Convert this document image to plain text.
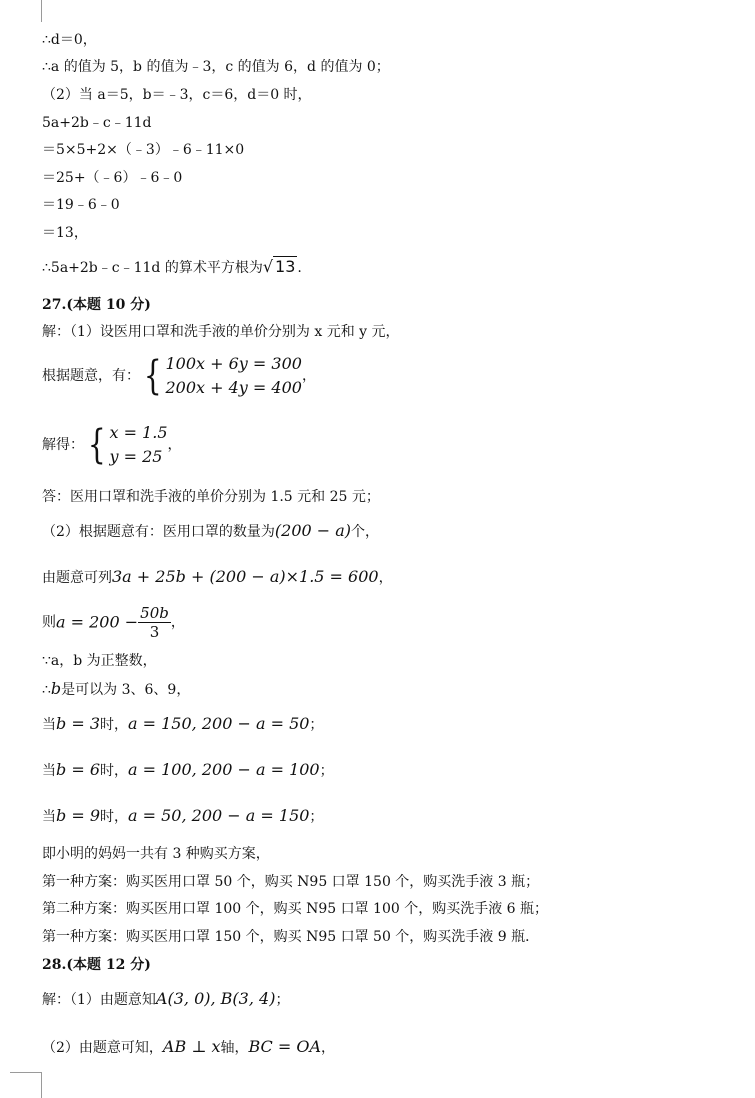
∴d＝0，
∴a 的值为 5，b 的值为﹣3，c 的值为 6，d 的值为 0；
（2）当 a＝5，b＝﹣3，c＝6，d＝0 时，
5a+2b﹣c﹣11d
＝5×5+2×（﹣3）﹣6﹣11×0
＝25+（﹣6）﹣6﹣0
＝19﹣6﹣0
＝13，
∴5a+2b﹣c﹣11d 的算术平方根为√ 13 .
27.(本题 10 分)
解：（1）设医用口罩和洗手液的单价分别为 x 元和 y 元，
根据题意，有：{ 100x + 6y = 300
200x + 4y = 400
，
解得：{ x = 1.5
y = 25
，
答：医用口罩和洗手液的单价分别为 1.5 元和 25 元；
（2）根据题意有：医用口罩的数量为(200 − a)个，
由题意可列3a + 25b + (200 − a)×1.5 = 600，
则$a = 200 - \frac{50b}{3}$ ，
∵a，b 为正整数，
∴b是可以为 3、6、9，
当b = 3时，a = 150, 200 − a = 50；
当b = 6时，a = 100, 200 − a = 100；
当b = 9时，a = 50, 200 − a = 150；
即小明的妈妈一共有 3 种购买方案，
第一种方案：购买医用口罩 50 个，购买 N95 口罩 150 个，购买洗手液 3 瓶；
第二种方案：购买医用口罩 100 个，购买 N95 口罩 100 个，购买洗手液 6 瓶；
第一种方案：购买医用口罩 150 个，购买 N95 口罩 50 个，购买洗手液 9 瓶．
28.(本题 12 分)
解：（1）由题意知A(3, 0), B(3, 4)；
（2）由题意可知，AB ⊥ x轴，BC = OA，
